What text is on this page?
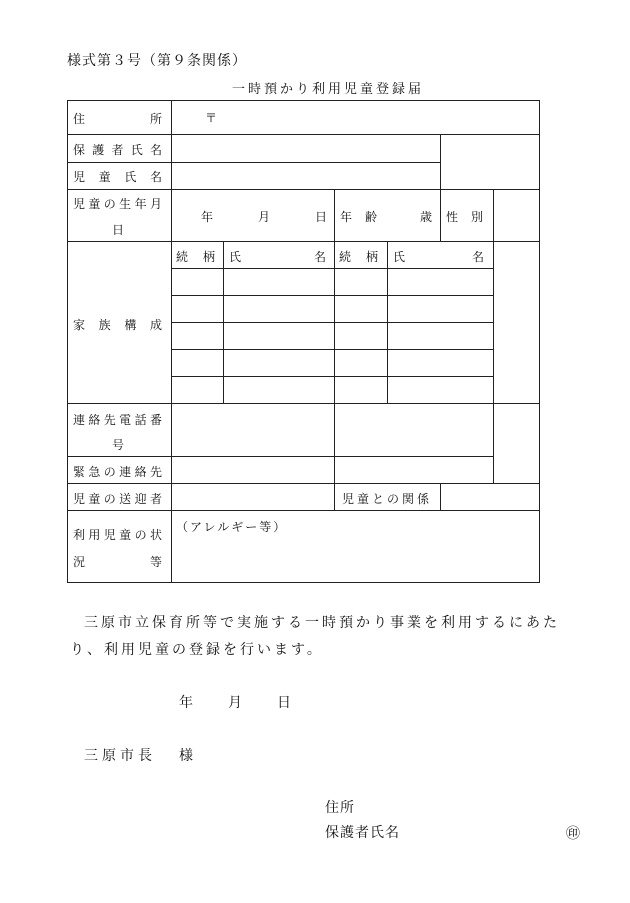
様式第３号（第９条関係）
一時預かり利用児童登録届
住	所	〒
保 護 者 氏 名
児 童 氏 名
児 童 の 生 年 月
日
年	月	日 年 齢	歳 性 別
家 族 構 成
続 柄 氏	名 続 柄 氏	名
連 絡 先 電 話 番
号
緊 急 の 連 絡 先
児 童 の 送 迎 者	児童との関係
利 用 児 童 の 状
況	等
（アレルギー等）
三原市立保育所等で実施する一時預かり事業を利用するにあたり、利用児童の登録を行います。
年	月	日
三原市長 様
住所
保護者氏名	㊞
